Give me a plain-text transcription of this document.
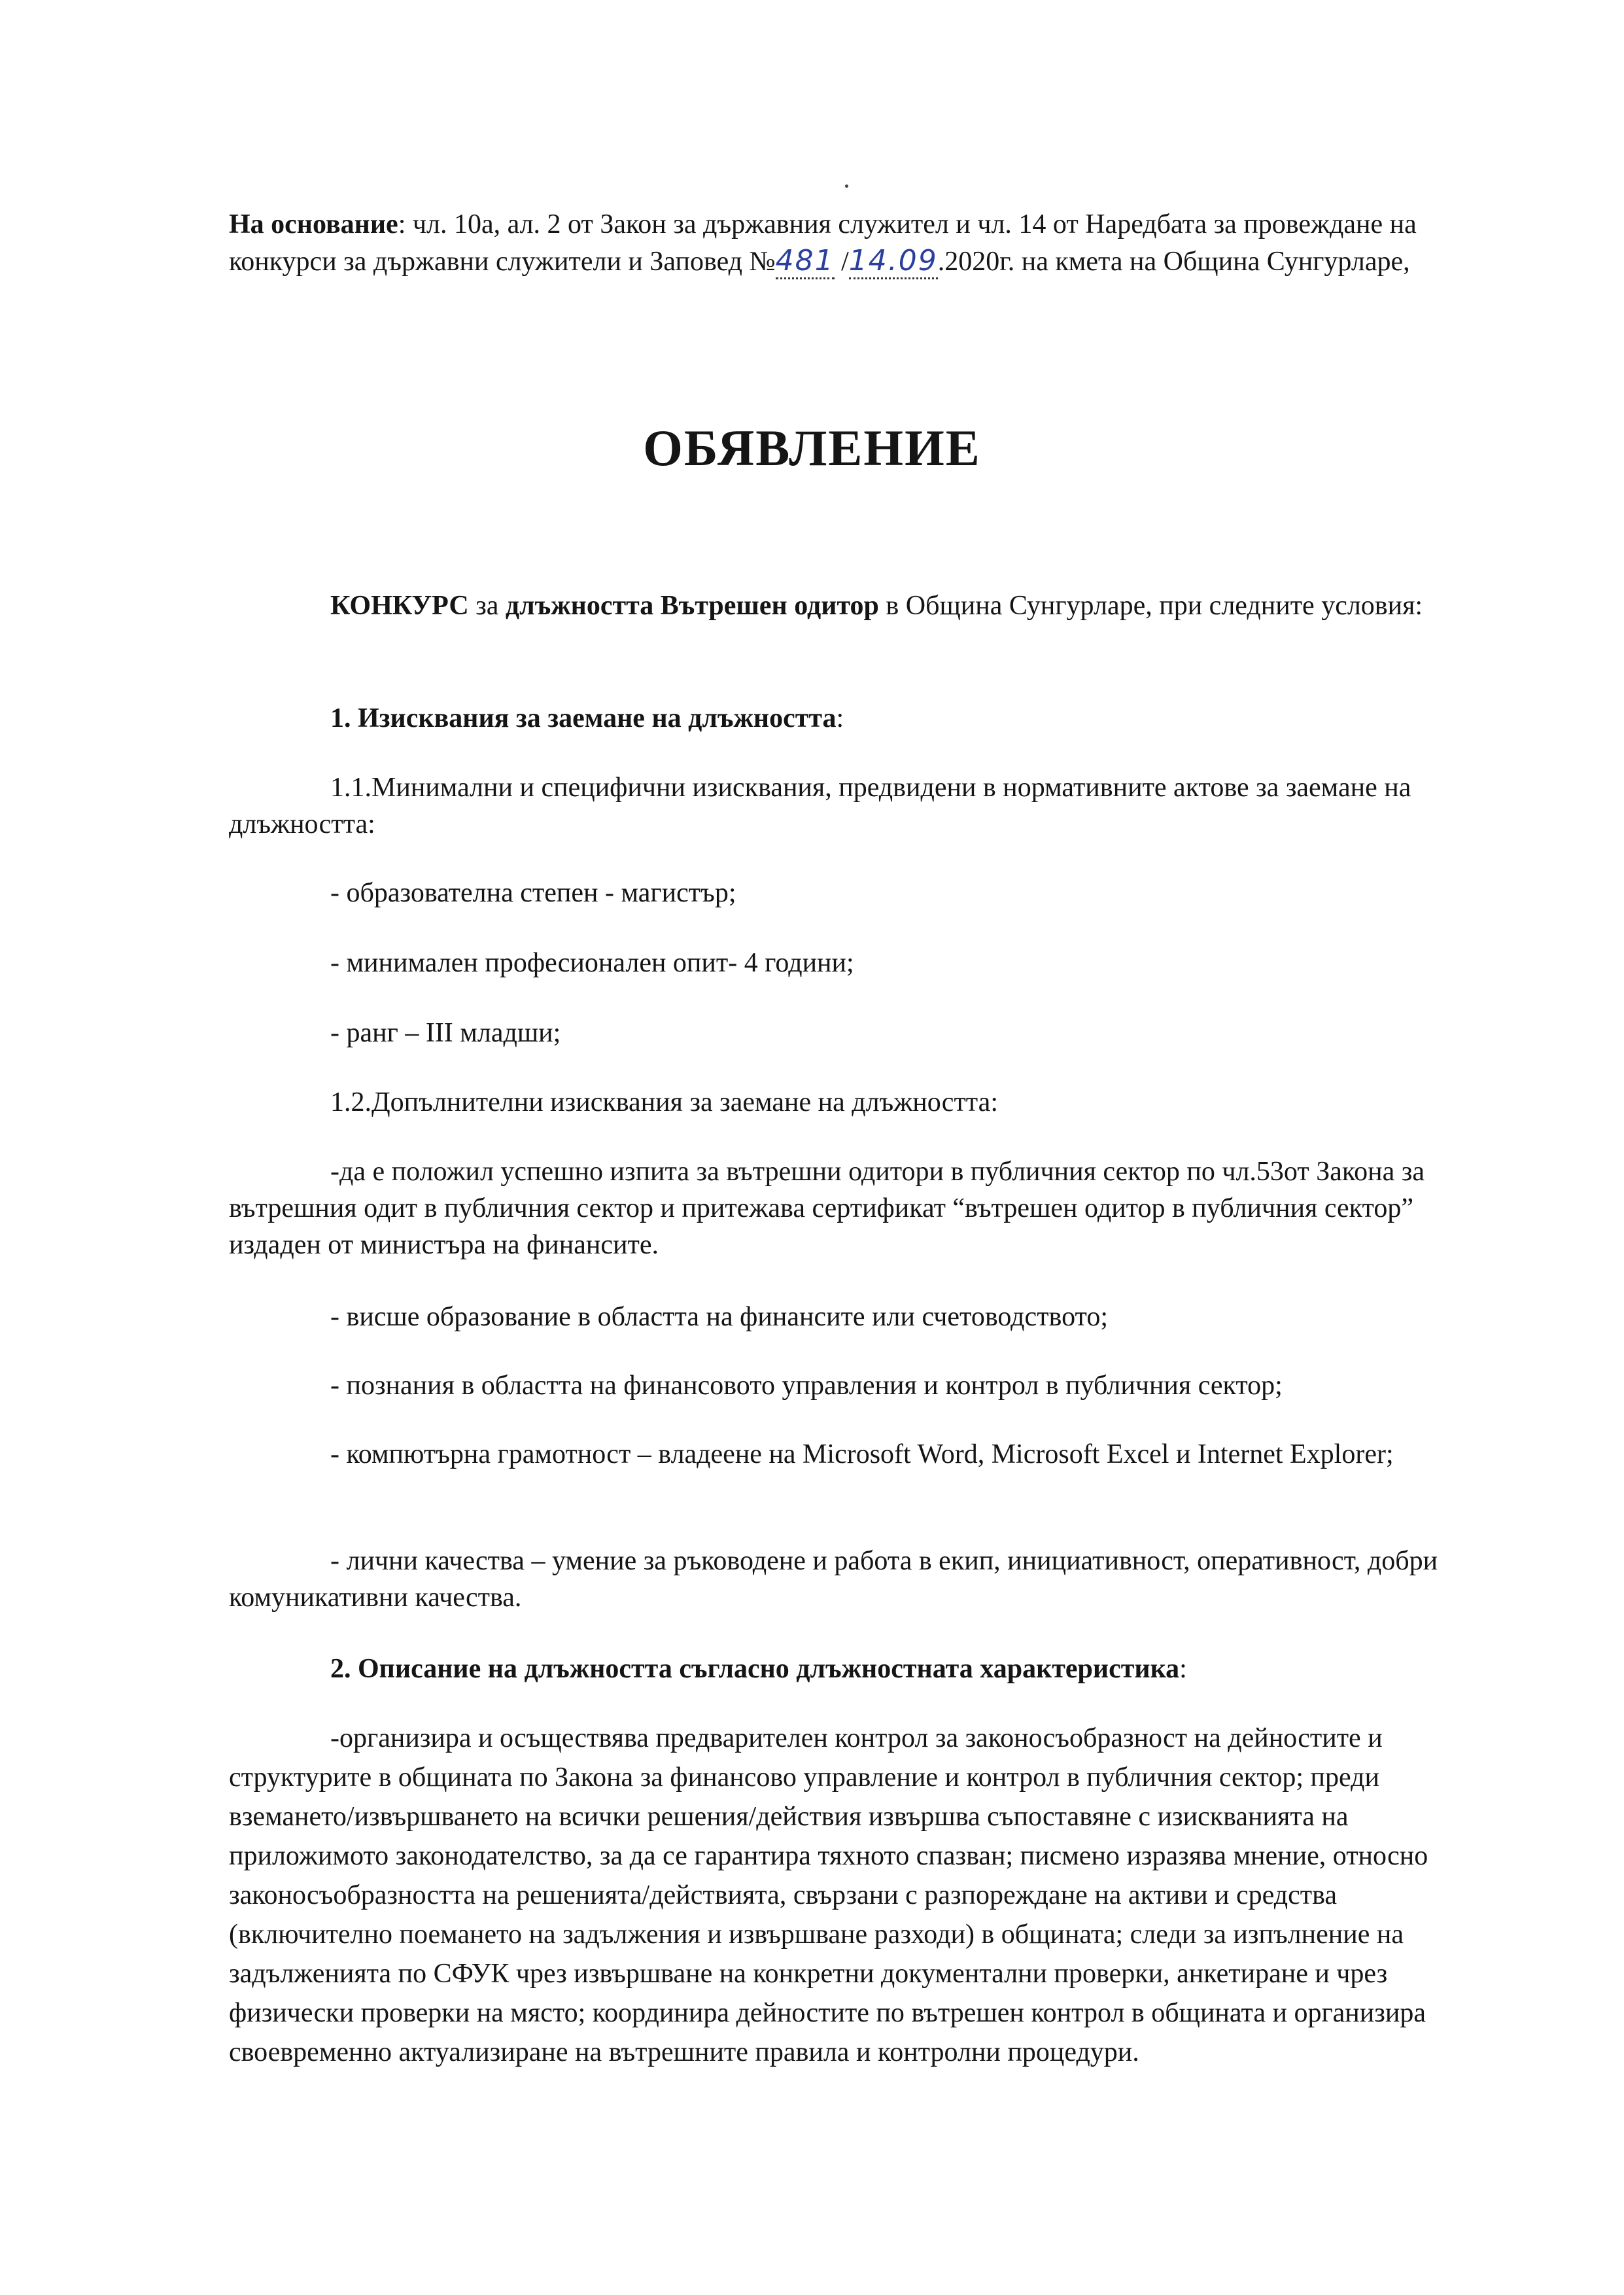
На основание: чл. 10а, ал. 2 от Закон за държавния служител и чл. 14 от Наредбата за провеждане на конкурси за държавни служители и Заповед №481 /14.09.2020г. на кмета на Община Сунгурларе,

ОБЯВЛЕНИЕ

КОНКУРС за длъжността Вътрешен одитор в Община Сунгурларе, при следните условия:

1. Изисквания за заемане на длъжността:

1.1.Минимални и специфични изисквания, предвидени в нормативните актове за заемане на длъжността:

- образователна степен - магистър;

- минимален професионален опит- 4 години;

- ранг – III младши;

1.2.Допълнителни изисквания за заемане на длъжността:

-да е положил успешно изпита за вътрешни одитори в публичния сектор по чл.53от Закона за вътрешния одит в публичния сектор и притежава сертификат “вътрешен одитор в публичния сектор” издаден от министъра на финансите.

- висше образование в областта на финансите или счетоводството;

- познания в областта на финансовото управления и контрол в публичния сектор;

- компютърна грамотност – владеене на Microsoft Word, Microsoft Excel и Internet Explorer;

- лични качества – умение за ръководене и работа в екип, инициативност, оперативност, добри комуникативни качества.

2. Описание на длъжността съгласно длъжностната характеристика:

-организира и осъществява предварителен контрол за законосъобразност на дейностите и структурите в общината по Закона за финансово управление и контрол в публичния сектор; преди вземането/извършването на всички решения/действия извършва съпоставяне с изискванията на приложимото законодателство, за да се гарантира тяхното спазван; писмено изразява мнение, относно законосъобразността на решенията/действията, свързани с разпореждане на активи и средства (включително поемането на задължения и извършване разходи) в общината; следи за изпълнение на задълженията по СФУК чрез извършване на конкретни документални проверки, анкетиране и чрез физически проверки на място; координира дейностите по вътрешен контрол в общината и организира своевременно актуализиране на вътрешните правила и контролни процедури.
